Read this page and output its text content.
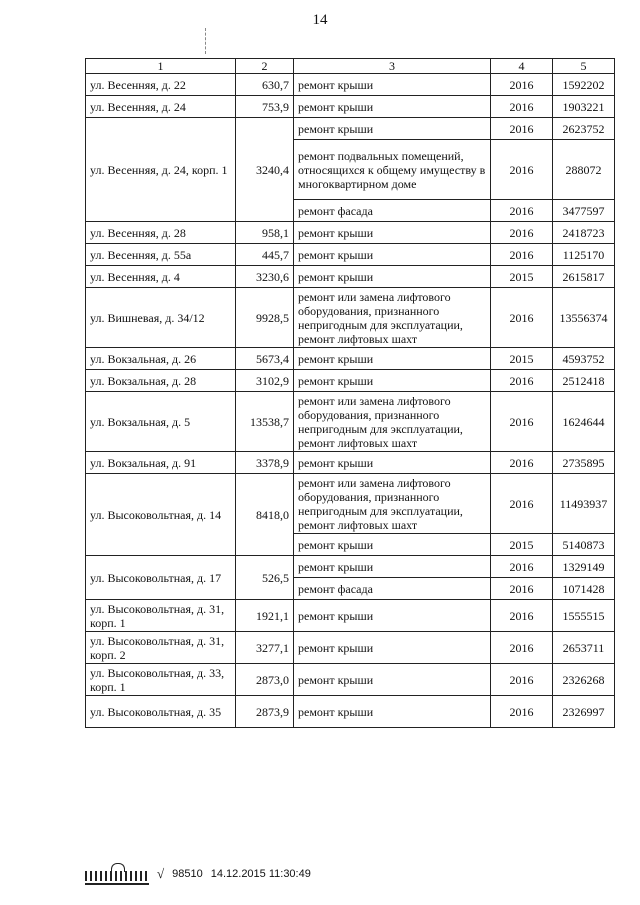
14
1	2	3	4	5
ул. Весенняя, д. 22	630,7	ремонт крыши	2016	1592202
ул. Весенняя, д. 24	753,9	ремонт крыши	2016	1903221
ул. Весенняя, д. 24, корп. 1	3240,4	ремонт крыши	2016	2623752
		ремонт подвальных помещений, относящихся к общему имуществу в многоквартирном доме	2016	288072
		ремонт фасада	2016	3477597
ул. Весенняя, д. 28	958,1	ремонт крыши	2016	2418723
ул. Весенняя, д. 55а	445,7	ремонт крыши	2016	1125170
ул. Весенняя, д. 4	3230,6	ремонт крыши	2015	2615817
ул. Вишневая, д. 34/12	9928,5	ремонт или замена лифтового оборудования, признанного непригодным для эксплуатации, ремонт лифтовых шахт	2016	13556374
ул. Вокзальная, д. 26	5673,4	ремонт крыши	2015	4593752
ул. Вокзальная, д. 28	3102,9	ремонт крыши	2016	2512418
ул. Вокзальная, д. 5	13538,7	ремонт или замена лифтового оборудования, признанного непригодным для эксплуатации, ремонт лифтовых шахт	2016	1624644
ул. Вокзальная, д. 91	3378,9	ремонт крыши	2016	2735895
ул. Высоковольтная, д. 14	8418,0	ремонт или замена лифтового оборудования, признанного непригодным для эксплуатации, ремонт лифтовых шахт	2016	11493937
		ремонт крыши	2015	5140873
ул. Высоковольтная, д. 17	526,5	ремонт крыши	2016	1329149
		ремонт фасада	2016	1071428
ул. Высоковольтная, д. 31, корп. 1	1921,1	ремонт крыши	2016	1555515
ул. Высоковольтная, д. 31, корп. 2	3277,1	ремонт крыши	2016	2653711
ул. Высоковольтная, д. 33, корп. 1	2873,0	ремонт крыши	2016	2326268
ул. Высоковольтная, д. 35	2873,9	ремонт крыши	2016	2326997
√ 98510 14.12.2015 11:30:49
